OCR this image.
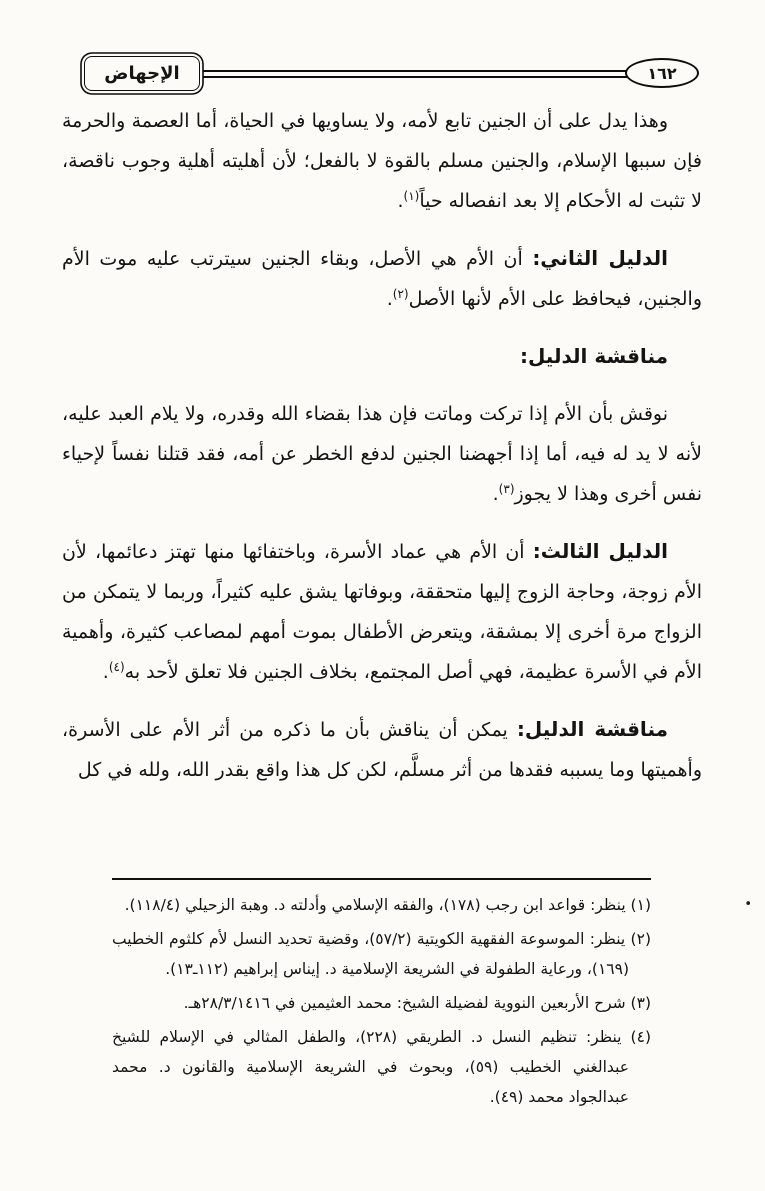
الإجهاض	١٦٢

وهذا يدل على أن الجنين تابع لأمه، ولا يساويها في الحياة، أما العصمة والحرمة فإن سببها الإسلام، والجنين مسلم بالقوة لا بالفعل؛ لأن أهليته أهلية وجوب ناقصة، لا تثبت له الأحكام إلا بعد انفصاله حياً$^{(١)}$.

الدليل الثاني: أن الأم هي الأصل، وبقاء الجنين سيترتب عليه موت الأم والجنين، فيحافظ على الأم لأنها الأصل$^{(٢)}$.

مناقشة الدليل:

نوقش بأن الأم إذا تركت وماتت فإن هذا بقضاء الله وقدره، ولا يلام العبد عليه، لأنه لا يد له فيه، أما إذا أجهضنا الجنين لدفع الخطر عن أمه، فقد قتلنا نفساً لإحياء نفس أخرى وهذا لا يجوز$^{(٣)}$.

الدليل الثالث: أن الأم هي عماد الأسرة، وباختفائها منها تهتز دعائمها، لأن الأم زوجة، وحاجة الزوج إليها متحققة، وبوفاتها يشق عليه كثيراً، وربما لا يتمكن من الزواج مرة أخرى إلا بمشقة، ويتعرض الأطفال بموت أمهم لمصاعب كثيرة، وأهمية الأم في الأسرة عظيمة، فهي أصل المجتمع، بخلاف الجنين فلا تعلق لأحد به$^{(٤)}$.

مناقشة الدليل: يمكن أن يناقش بأن ما ذكره من أثر الأم على الأسرة، وأهميتها وما يسببه فقدها من أثر مسلَّم، لكن كل هذا واقع بقدر الله، ولله في كل

•

(١) ينظر: قواعد ابن رجب (١٧٨)، والفقه الإسلامي وأدلته د. وهبة الزحيلي (١١٨/٤).

(٢) ينظر: الموسوعة الفقهية الكويتية (٥٧/٢)، وقضية تحديد النسل لأم كلثوم الخطيب (١٦٩)، ورعاية الطفولة في الشريعة الإسلامية د. إيناس إبراهيم (١١٢ـ١٣).

(٣) شرح الأربعين النووية لفضيلة الشيخ: محمد العثيمين في ٢٨/٣/١٤١٦هـ.

(٤) ينظر: تنظيم النسل د. الطريقي (٢٢٨)، والطفل المثالي في الإسلام للشيخ عبدالغني الخطيب (٥٩)، وبحوث في الشريعة الإسلامية والقانون د. محمد عبدالجواد محمد (٤٩).
